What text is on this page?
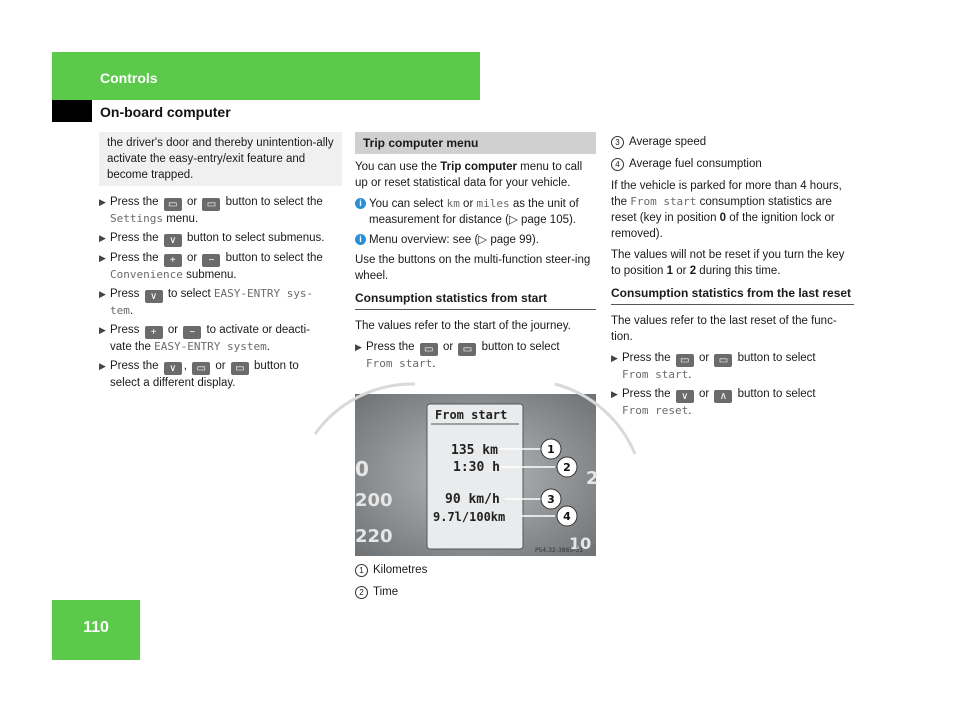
Controls
On-board computer
110
the driver's door and thereby unintention-ally activate the easy-entry/exit feature and become trapped.
▶ Press the ▭ or ▭ button to select the Settings menu.
▶ Press the ∨ button to select submenus.
▶ Press the + or − button to select the Convenience submenu.
▶ Press ∨ to select EASY-ENTRY sys-
tem.
▶ Press + or − to activate or deacti-
vate the EASY-ENTRY system.
▶ Press the ∨ , ▭ or ▭ button to
select a different display.
Trip computer menu

You can use the Trip computer menu to call up or reset statistical data for your vehicle.

i You can select km or miles as the unit of measurement for distance (▷ page 105).
i Menu overview: see (▷ page 99).

Use the buttons on the multi-function steer-ing wheel.

Consumption statistics from start

The values refer to the start of the journey.

▶ Press the ▭ or ▭ button to select
From start.
From start
135 km
1:30 h
90 km/h
9.7l/100km
1
2
3
4
0
200
220	10
2
P54.32-3865-31
1 Kilometres
2 Time
3 Average speed
4 Average fuel consumption

If the vehicle is parked for more than 4 hours, the From start consumption statistics are reset (key in position 0 of the ignition lock or removed).

The values will not be reset if you turn the key to position 1 or 2 during this time.

Consumption statistics from the last reset

The values refer to the last reset of the func-tion.

▶ Press the ▭ or ▭ button to select
From start.
▶ Press the ∨ or ∧ button to select
From reset.
